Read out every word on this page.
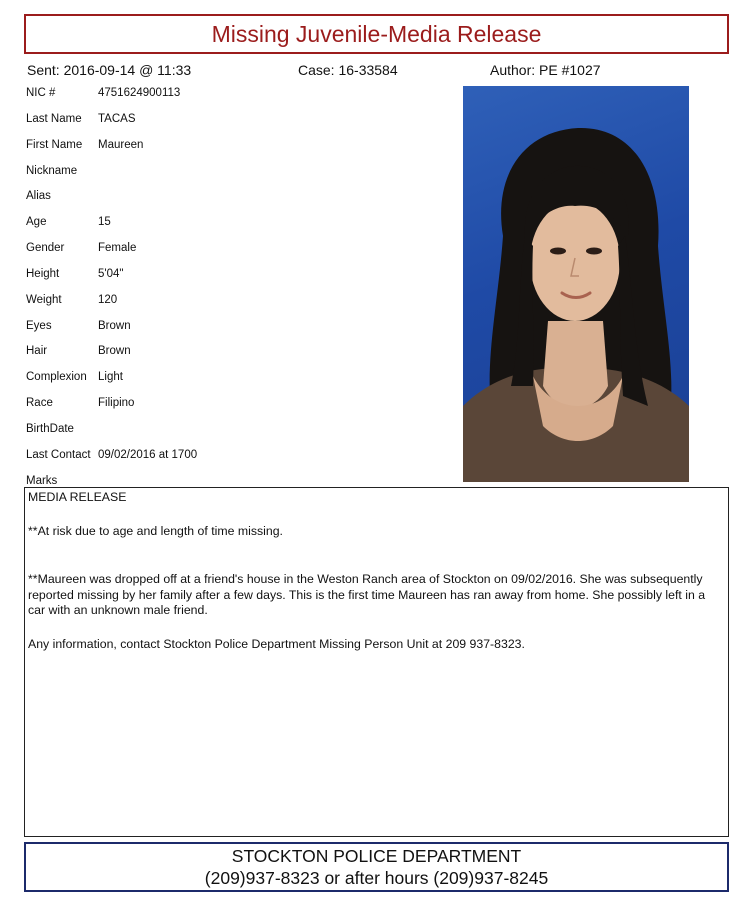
Missing Juvenile-Media Release
Sent: 2016-09-14 @ 11:33	Case: 16-33584	Author: PE #1027
NIC #	4751624900113
Last Name TACAS
First Name Maureen
Nickname
Alias
Age	15
Gender	Female
Height	5'04"
Weight	120
Eyes	Brown
Hair	Brown
Complexion Light
Race	Filipino
BirthDate
Last Contact 09/02/2016 at 1700
Marks

MEDIA RELEASE

**At risk due to age and length of time missing.

**Maureen was dropped off at a friend's house in the Weston Ranch area of Stockton on 09/02/2016. She was subsequently reported missing by her family after a few days. This is the first time Maureen has ran away from home. She possibly left in a car with an unknown male friend.

Any information, contact Stockton Police Department Missing Person Unit at 209 937-8323.

STOCKTON POLICE DEPARTMENT
(209)937-8323 or after hours (209)937-8245
